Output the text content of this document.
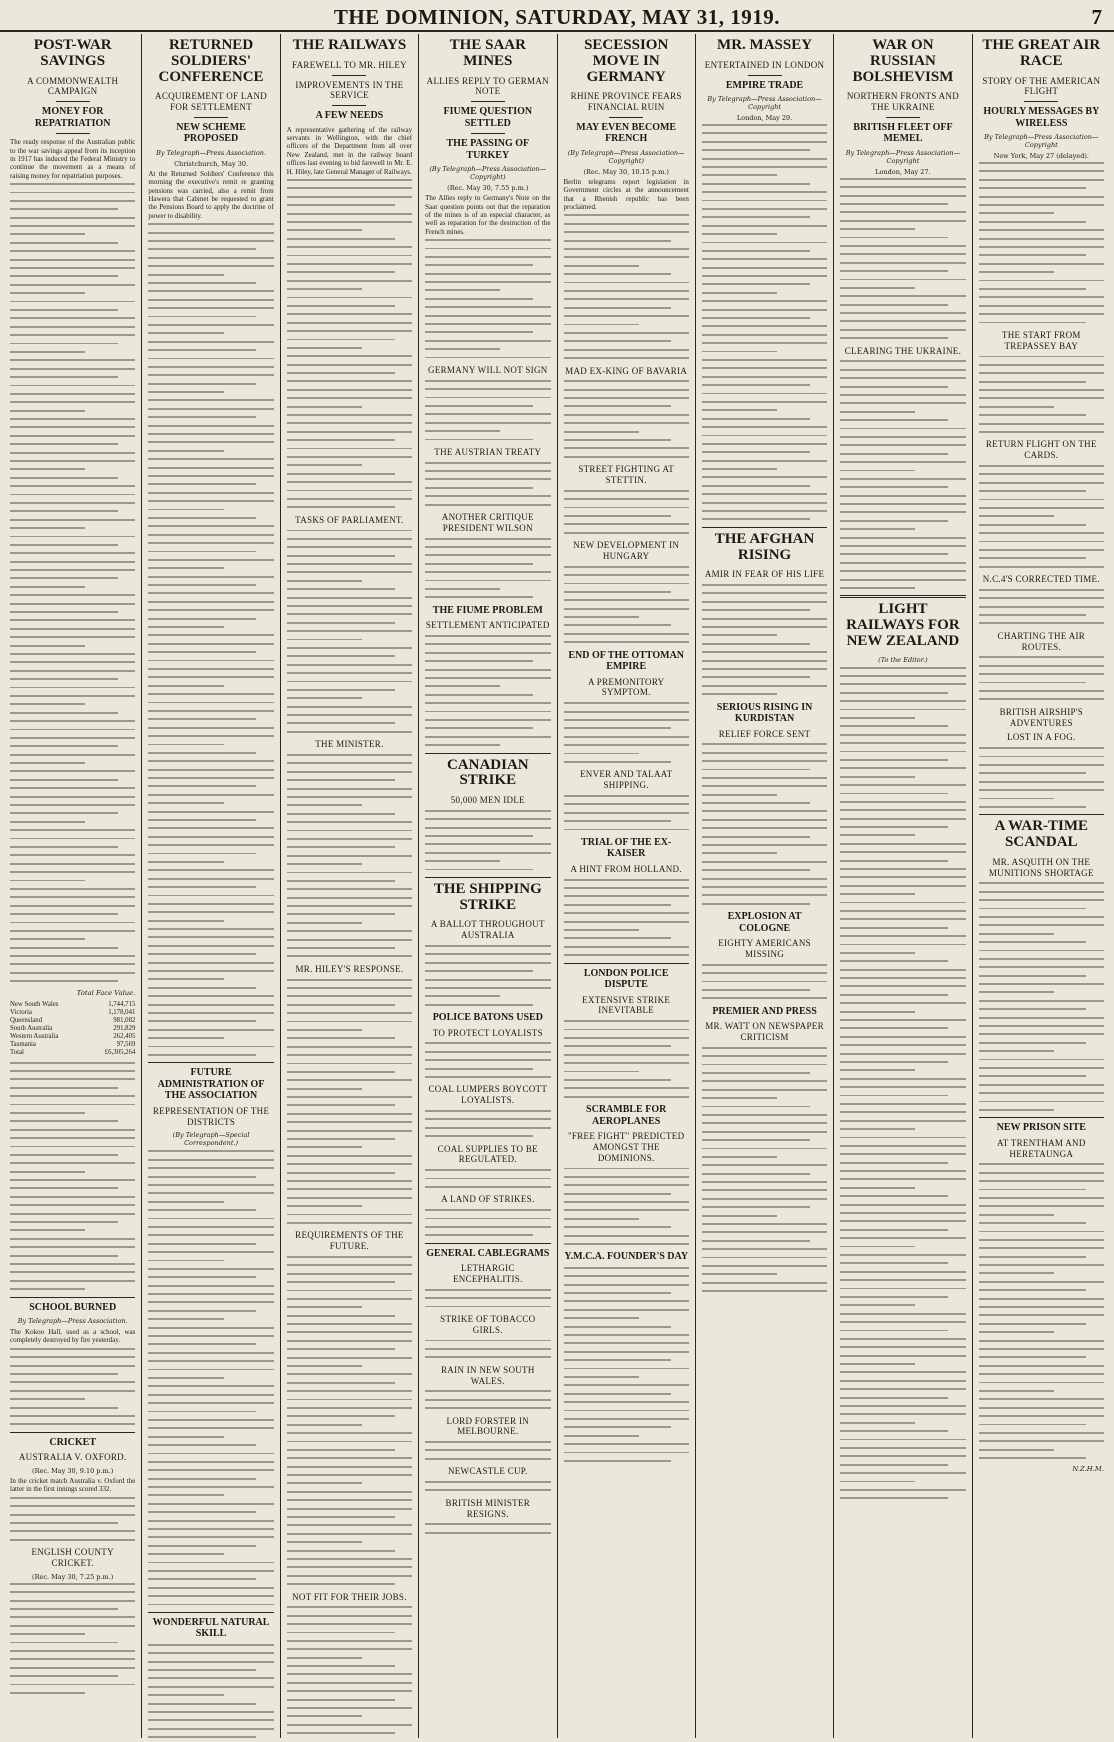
THE DOMINION, SATURDAY, MAY 31, 1919.	7
POST-WAR SAVINGS
A COMMONWEALTH CAMPAIGN
MONEY FOR REPATRIATION
The ready response of the Australian public to the war savings appeal from its inception in 1917 has induced the Federal Ministry to continue the movement as a means of raising money for repatriation purposes.
Total Face Value.
New South Wales	1,744,715
Victoria	1,178,041
Queensland	981,082
South Australia	291,829
Western Australia	262,405
Tasmania	97,569
Total	£6,305,264
SCHOOL BURNED
By Telegraph—Press Association.
The Kokoo Hall, used as a school, was completely destroyed by fire yesterday.
CRICKET
AUSTRALIA V. OXFORD.
(Rec. May 30, 9.10 p.m.)
In the cricket match Australia v. Oxford the latter in the first innings scored 332.
ENGLISH COUNTY CRICKET.
(Rec. May 30, 7.25 p.m.)
RETURNED SOLDIERS' CONFERENCE
ACQUIREMENT OF LAND FOR SETTLEMENT
NEW SCHEME PROPOSED
By Telegraph—Press Association.
Christchurch, May 30.
At the Returned Soldiers' Conference this morning the executive's remit re granting pensions was carried, also a remit from Hawera that Cabinet be requested to grant the Pensions Board to apply the doctrine of power to disability.
FUTURE ADMINISTRATION OF THE ASSOCIATION
REPRESENTATION OF THE DISTRICTS
(By Telegraph—Special Correspondent.)
WONDERFUL NATURAL SKILL
THE RAILWAYS
FAREWELL TO MR. HILEY
IMPROVEMENTS IN THE SERVICE
A FEW NEEDS
A representative gathering of the railway servants in Wellington, with the chief officers of the Department from all over New Zealand, met in the railway board offices last evening to bid farewell to Mr. E. H. Hiley, late General Manager of Railways.
TASKS OF PARLIAMENT.
THE MINISTER.
MR. HILEY'S RESPONSE.
REQUIREMENTS OF THE FUTURE.
NOT FIT FOR THEIR JOBS.
THE SAAR MINES
ALLIES REPLY TO GERMAN NOTE
FIUME QUESTION SETTLED
THE PASSING OF TURKEY
(By Telegraph—Press Association—Copyright)
(Rec. May 30, 7.55 p.m.)
The Allies reply to Germany's Note on the Saar question points out that the reparation of the mines is of an especial character, as well as reparation for the destruction of the French mines.
GERMANY WILL NOT SIGN
THE AUSTRIAN TREATY
ANOTHER CRITIQUE PRESIDENT WILSON
THE FIUME PROBLEM
SETTLEMENT ANTICIPATED
CANADIAN STRIKE
50,000 MEN IDLE
THE SHIPPING STRIKE
A BALLOT THROUGHOUT AUSTRALIA
POLICE BATONS USED
TO PROTECT LOYALISTS
COAL LUMPERS BOYCOTT LOYALISTS.
COAL SUPPLIES TO BE REGULATED.
A LAND OF STRIKES.
GENERAL CABLEGRAMS
LETHARGIC ENCEPHALITIS.
STRIKE OF TOBACCO GIRLS.
RAIN IN NEW SOUTH WALES.
LORD FORSTER IN MELBOURNE.
NEWCASTLE CUP.
BRITISH MINISTER RESIGNS.
SECESSION MOVE IN GERMANY
RHINE PROVINCE FEARS FINANCIAL RUIN
MAY EVEN BECOME FRENCH
(By Telegraph—Press Association—Copyright)
(Rec. May 30, 10.15 p.m.)
Berlin telegrams report legislation in Government circles at the announcement that a Rhenish republic has been proclaimed.
MAD EX-KING OF BAVARIA
STREET FIGHTING AT STETTIN.
NEW DEVELOPMENT IN HUNGARY
END OF THE OTTOMAN EMPIRE
A PREMONITORY SYMPTOM.
ENVER AND TALAAT SHIPPING.
TRIAL OF THE EX-KAISER
A HINT FROM HOLLAND.
LONDON POLICE DISPUTE
EXTENSIVE STRIKE INEVITABLE
SCRAMBLE FOR AEROPLANES
"FREE FIGHT" PREDICTED AMONGST THE DOMINIONS.
Y.M.C.A. FOUNDER'S DAY
MR. MASSEY
ENTERTAINED IN LONDON
EMPIRE TRADE
By Telegraph—Press Association—Copyright
London, May 29.
THE AFGHAN RISING
AMIR IN FEAR OF HIS LIFE
SERIOUS RISING IN KURDISTAN
RELIEF FORCE SENT
EXPLOSION AT COLOGNE
EIGHTY AMERICANS MISSING
PREMIER AND PRESS
MR. WATT ON NEWSPAPER CRITICISM
WAR ON RUSSIAN BOLSHEVISM
NORTHERN FRONTS AND THE UKRAINE
BRITISH FLEET OFF MEMEL
By Telegraph—Press Association—Copyright
London, May 27.
CLEARING THE UKRAINE.
LIGHT RAILWAYS FOR NEW ZEALAND
(To the Editor.)
THE GREAT AIR RACE
STORY OF THE AMERICAN FLIGHT
HOURLY MESSAGES BY WIRELESS
By Telegraph—Press Association—Copyright
New York, May 27 (delayed).
THE START FROM TREPASSEY BAY
RETURN FLIGHT ON THE CARDS.
N.C.4'S CORRECTED TIME.
CHARTING THE AIR ROUTES.
BRITISH AIRSHIP'S ADVENTURES
LOST IN A FOG.
A WAR-TIME SCANDAL
MR. ASQUITH ON THE MUNITIONS SHORTAGE
NEW PRISON SITE
AT TRENTHAM AND HERETAUNGA
N.Z.H.M.
